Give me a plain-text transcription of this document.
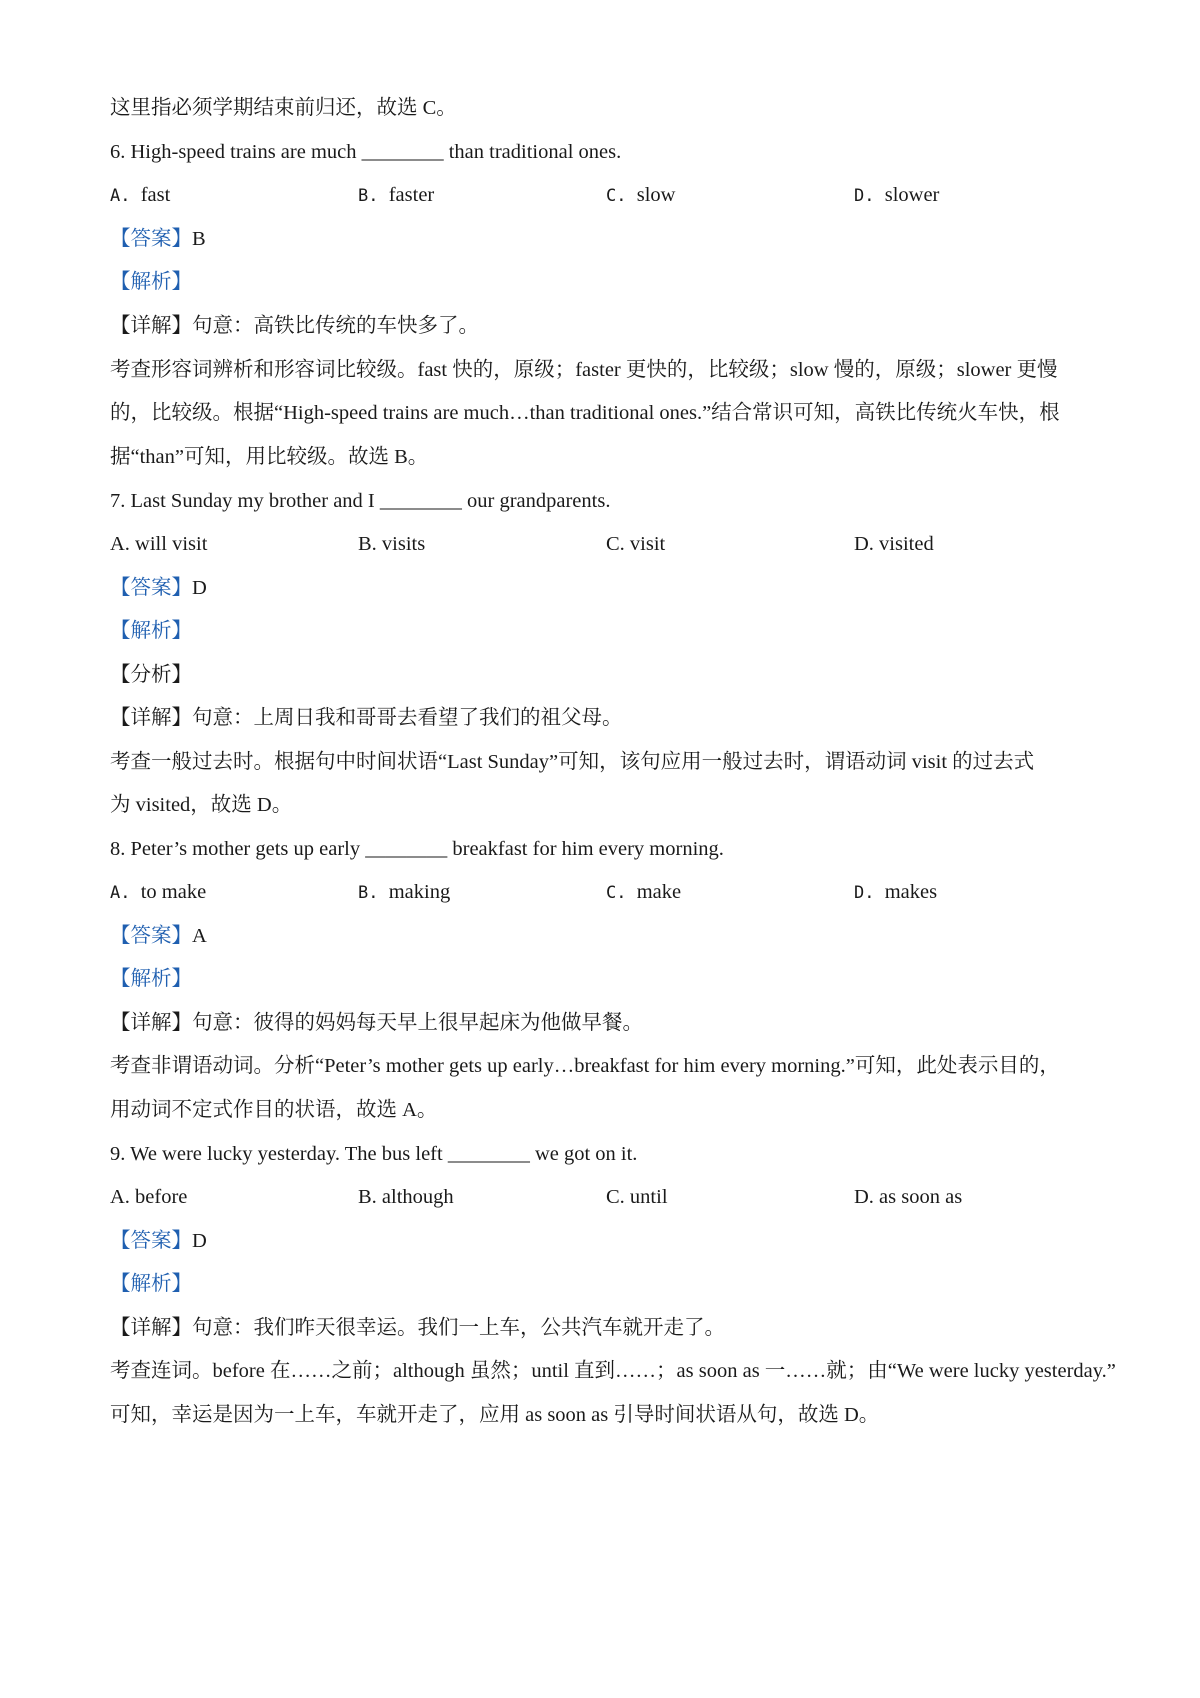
这里指必须学期结束前归还，故选 C。
6. High-speed trains are much ________ than traditional ones.
A. fast	B. faster	C. slow	D. slower
【答案】B
【解析】
【详解】句意：高铁比传统的车快多了。
考查形容词辨析和形容词比较级。fast 快的，原级；faster 更快的，比较级；slow 慢的，原级；slower 更慢
的，比较级。根据“High-speed trains are much…than traditional ones.”结合常识可知，高铁比传统火车快，根
据“than”可知，用比较级。故选 B。
7. Last Sunday my brother and I ________ our grandparents.
A. will visit	B. visits	C. visit	D. visited
【答案】D
【解析】
【分析】
【详解】句意：上周日我和哥哥去看望了我们的祖父母。
考查一般过去时。根据句中时间状语“Last Sunday”可知，该句应用一般过去时，谓语动词 visit 的过去式
为 visited，故选 D。
8. Peter’s mother gets up early ________ breakfast for him every morning.
A. to make	B. making	C. make	D. makes
【答案】A
【解析】
【详解】句意：彼得的妈妈每天早上很早起床为他做早餐。
考查非谓语动词。分析“Peter’s mother gets up early…breakfast for him every morning.”可知，此处表示目的，
用动词不定式作目的状语，故选 A。
9. We were lucky yesterday. The bus left ________ we got on it.
A. before	B. although	C. until	D. as soon as
【答案】D
【解析】
【详解】句意：我们昨天很幸运。我们一上车，公共汽车就开走了。
考查连词。before 在……之前；although 虽然；until 直到……；as soon as 一……就；由“We were lucky yesterday.”
可知，幸运是因为一上车，车就开走了，应用 as soon as 引导时间状语从句，故选 D。
